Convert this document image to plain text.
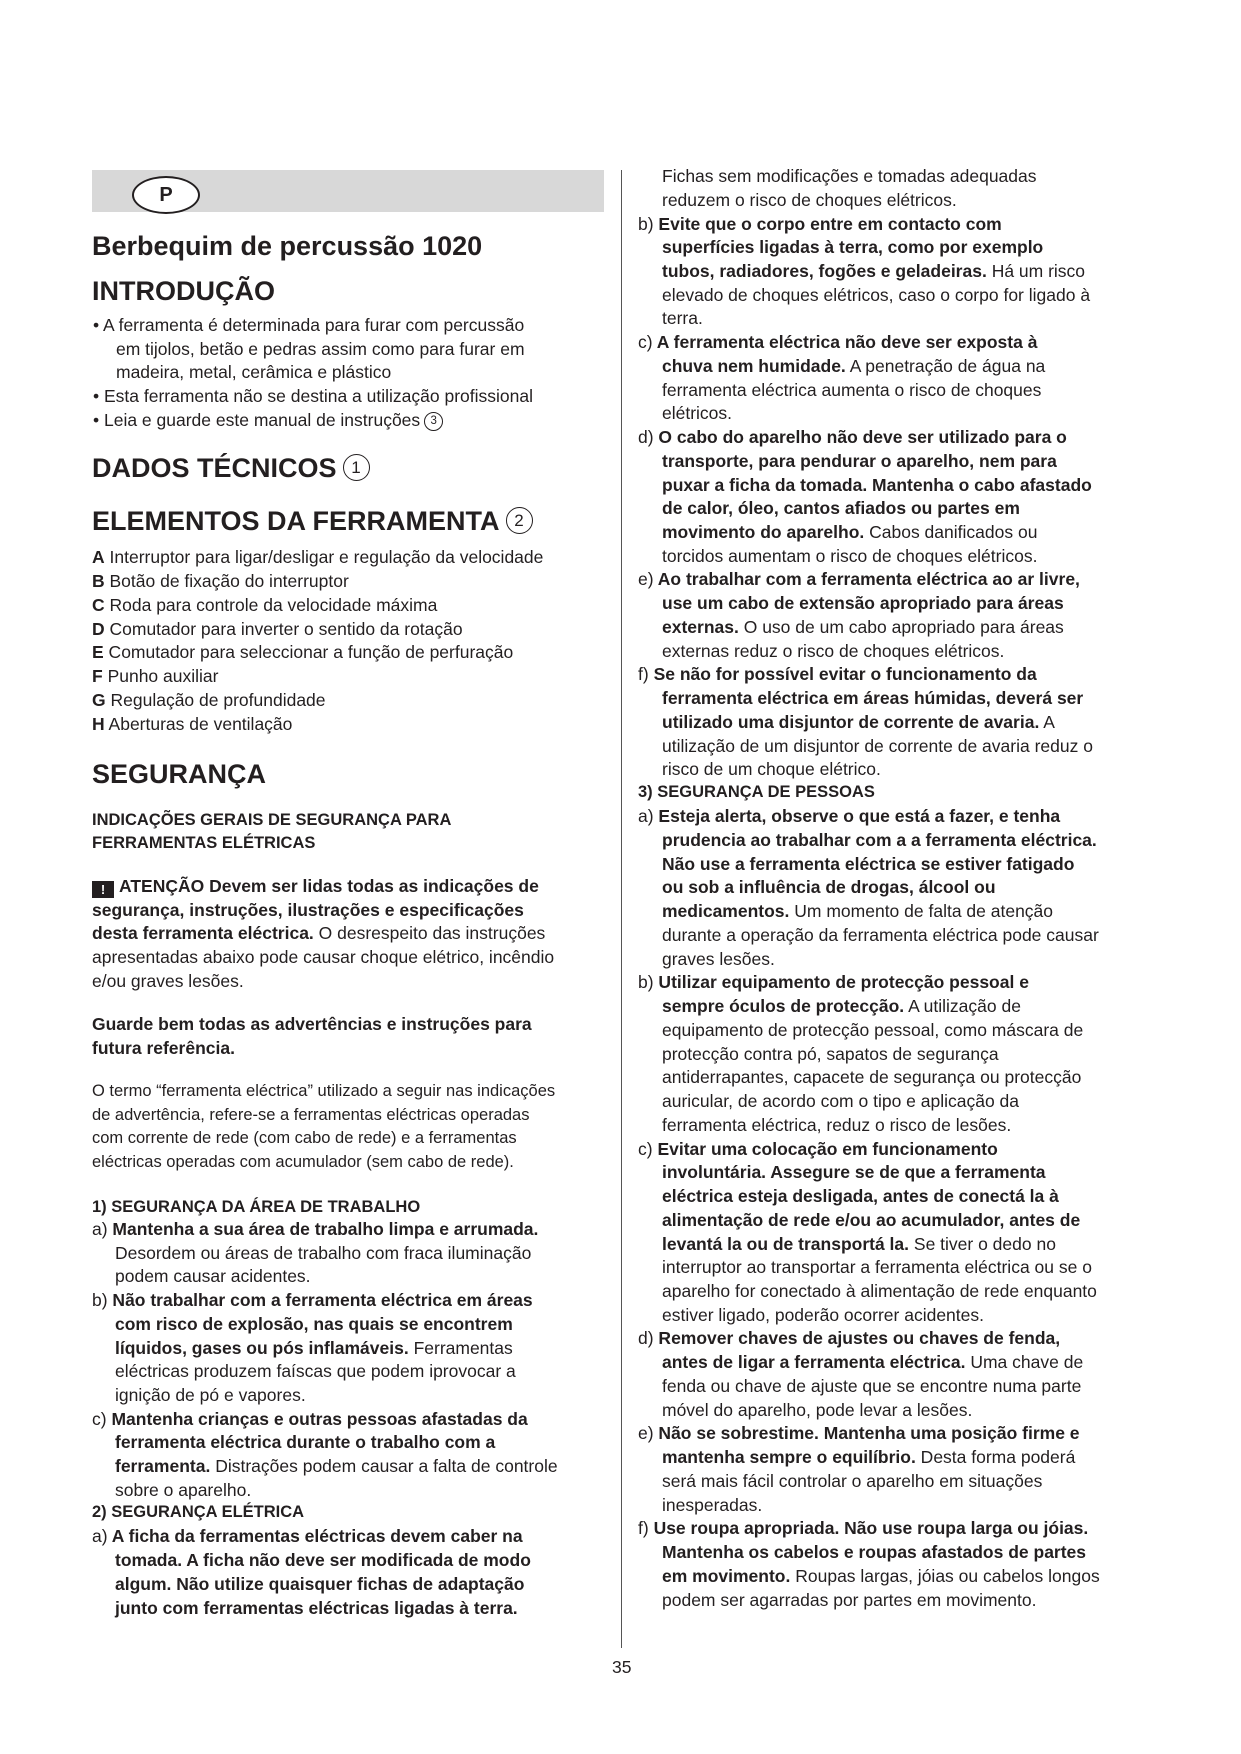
P
Berbequim de percussão 1020
INTRODUÇÃO
• A ferramenta é determinada para furar com percussão
em tijolos, betão e pedras assim como para furar em
madeira, metal, cerâmica e plástico
• Esta ferramenta não se destina a utilização profissional
• Leia e guarde este manual de instruções 3
DADOS TÉCNICOS 1
ELEMENTOS DA FERRAMENTA 2
A Interruptor para ligar/desligar e regulação da velocidade
B Botão de fixação do interruptor
C Roda para controle da velocidade máxima
D Comutador para inverter o sentido da rotação
E Comutador para seleccionar a função de perfuração
F Punho auxiliar
G Regulação de profundidade
H Aberturas de ventilação
SEGURANÇA
INDICAÇÕES GERAIS DE SEGURANÇA PARA
FERRAMENTAS ELÉTRICAS
! ATENÇÃO Devem ser lidas todas as indicações de
segurança, instruções, ilustrações e especificações
desta ferramenta eléctrica. O desrespeito das instruções
apresentadas abaixo pode causar choque elétrico, incêndio
e/ou graves lesões.
Guarde bem todas as advertências e instruções para
futura referência.
O termo “ferramenta eléctrica” utilizado a seguir nas indicações
de advertência, refere-se a ferramentas eléctricas operadas
com corrente de rede (com cabo de rede) e a ferramentas
eléctricas operadas com acumulador (sem cabo de rede).
1) SEGURANÇA DA ÁREA DE TRABALHO
a) Mantenha a sua área de trabalho limpa e arrumada.
Desordem ou áreas de trabalho com fraca iluminação
podem causar acidentes.
b) Não trabalhar com a ferramenta eléctrica em áreas
com risco de explosão, nas quais se encontrem
líquidos, gases ou pós inflamáveis. Ferramentas
eléctricas produzem faíscas que podem iprovocar a
ignição de pó e vapores.
c) Mantenha crianças e outras pessoas afastadas da
ferramenta eléctrica durante o trabalho com a
ferramenta. Distrações podem causar a falta de controle
sobre o aparelho.
2) SEGURANÇA ELÉTRICA
a) A ficha da ferramentas eléctricas devem caber na
tomada. A ficha não deve ser modificada de modo
algum. Não utilize quaisquer fichas de adaptação
junto com ferramentas eléctricas ligadas à terra.
Fichas sem modificações e tomadas adequadas
reduzem o risco de choques elétricos.
b) Evite que o corpo entre em contacto com
superfícies ligadas à terra, como por exemplo
tubos, radiadores, fogões e geladeiras. Há um risco
elevado de choques elétricos, caso o corpo for ligado à
terra.
c) A ferramenta eléctrica não deve ser exposta à
chuva nem humidade. A penetração de água na
ferramenta eléctrica aumenta o risco de choques
elétricos.
d) O cabo do aparelho não deve ser utilizado para o
transporte, para pendurar o aparelho, nem para
puxar a ficha da tomada. Mantenha o cabo afastado
de calor, óleo, cantos afiados ou partes em
movimento do aparelho. Cabos danificados ou
torcidos aumentam o risco de choques elétricos.
e) Ao trabalhar com a ferramenta eléctrica ao ar livre,
use um cabo de extensão apropriado para áreas
externas. O uso de um cabo apropriado para áreas
externas reduz o risco de choques elétricos.
f) Se não for possível evitar o funcionamento da
ferramenta eléctrica em áreas húmidas, deverá ser
utilizado uma disjuntor de corrente de avaria. A
utilização de um disjuntor de corrente de avaria reduz o
risco de um choque elétrico.
3) SEGURANÇA DE PESSOAS
a) Esteja alerta, observe o que está a fazer, e tenha
prudencia ao trabalhar com a a ferramenta eléctrica.
Não use a ferramenta eléctrica se estiver fatigado
ou sob a influência de drogas, álcool ou
medicamentos. Um momento de falta de atenção
durante a operação da ferramenta eléctrica pode causar
graves lesões.
b) Utilizar equipamento de protecção pessoal e
sempre óculos de protecção. A utilização de
equipamento de protecção pessoal, como máscara de
protecção contra pó, sapatos de segurança
antiderrapantes, capacete de segurança ou protecção
auricular, de acordo com o tipo e aplicação da
ferramenta eléctrica, reduz o risco de lesões.
c) Evitar uma colocação em funcionamento
involuntária. Assegure se de que a ferramenta
eléctrica esteja desligada, antes de conectá la à
alimentação de rede e/ou ao acumulador, antes de
levantá la ou de transportá la. Se tiver o dedo no
interruptor ao transportar a ferramenta eléctrica ou se o
aparelho for conectado à alimentação de rede enquanto
estiver ligado, poderão ocorrer acidentes.
d) Remover chaves de ajustes ou chaves de fenda,
antes de ligar a ferramenta eléctrica. Uma chave de
fenda ou chave de ajuste que se encontre numa parte
móvel do aparelho, pode levar a lesões.
e) Não se sobrestime. Mantenha uma posição firme e
mantenha sempre o equilíbrio. Desta forma poderá
será mais fácil controlar o aparelho em situações
inesperadas.
f) Use roupa apropriada. Não use roupa larga ou jóias.
Mantenha os cabelos e roupas afastados de partes
em movimento. Roupas largas, jóias ou cabelos longos
podem ser agarradas por partes em movimento.
35
